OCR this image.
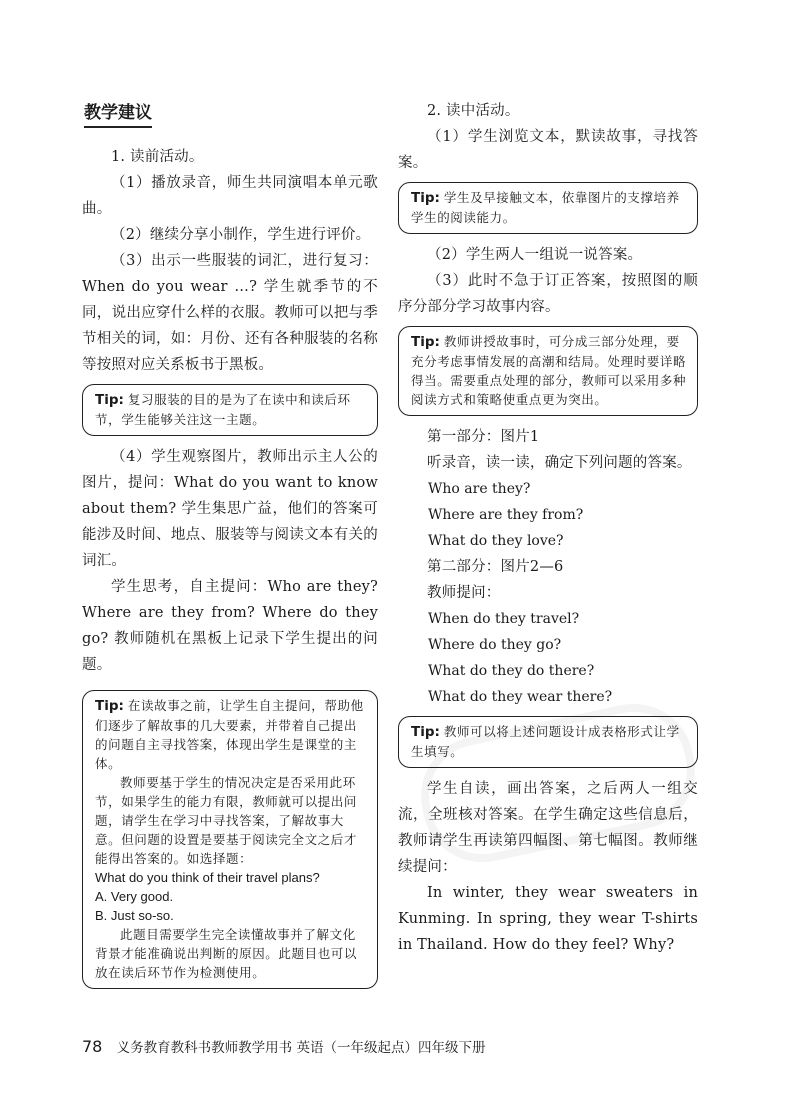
教学建议

1. 读前活动。

（1）播放录音，师生共同演唱本单元歌曲。

（2）继续分享小制作，学生进行评价。

（3）出示一些服装的词汇，进行复习：When do you wear …? 学生就季节的不同，说出应穿什么样的衣服。教师可以把与季节相关的词，如：月份、还有各种服装的名称等按照对应关系板书于黑板。

Tip: 复习服装的目的是为了在读中和读后环节，学生能够关注这一主题。

（4）学生观察图片，教师出示主人公的图片，提问：What do you want to know about them? 学生集思广益，他们的答案可能涉及时间、地点、服装等与阅读文本有关的词汇。

学生思考，自主提问：Who are they? Where are they from? Where do they go? 教师随机在黑板上记录下学生提出的问题。

Tip: 在读故事之前，让学生自主提问，帮助他们逐步了解故事的几大要素，并带着自己提出的问题自主寻找答案，体现出学生是课堂的主体。
教师要基于学生的情况决定是否采用此环节，如果学生的能力有限，教师就可以提出问题，请学生在学习中寻找答案，了解故事大意。但问题的设置是要基于阅读完全文之后才能得出答案的。如选择题：
What do you think of their travel plans?
A. Very good.
B. Just so-so.
此题目需要学生完全读懂故事并了解文化背景才能准确说出判断的原因。此题目也可以放在读后环节作为检测使用。

2. 读中活动。

（1）学生浏览文本，默读故事，寻找答案。

Tip: 学生及早接触文本，依靠图片的支撑培养学生的阅读能力。

（2）学生两人一组说一说答案。

（3）此时不急于订正答案，按照图的顺序分部分学习故事内容。

Tip: 教师讲授故事时，可分成三部分处理，要充分考虑事情发展的高潮和结局。处理时要详略得当。需要重点处理的部分，教师可以采用多种阅读方式和策略使重点更为突出。

第一部分：图片1

听录音，读一读，确定下列问题的答案。

Who are they?

Where are they from?

What do they love?

第二部分：图片2—6

教师提问：

When do they travel?

Where do they go?

What do they do there?

What do they wear there?

Tip: 教师可以将上述问题设计成表格形式让学生填写。

学生自读，画出答案，之后两人一组交流，全班核对答案。在学生确定这些信息后，教师请学生再读第四幅图、第七幅图。教师继续提问：

In winter, they wear sweaters in Kunming. In spring, they wear T-shirts in Thailand. How do they feel? Why?

78 义务教育教科书教师教学用书 英语（一年级起点）四年级下册
